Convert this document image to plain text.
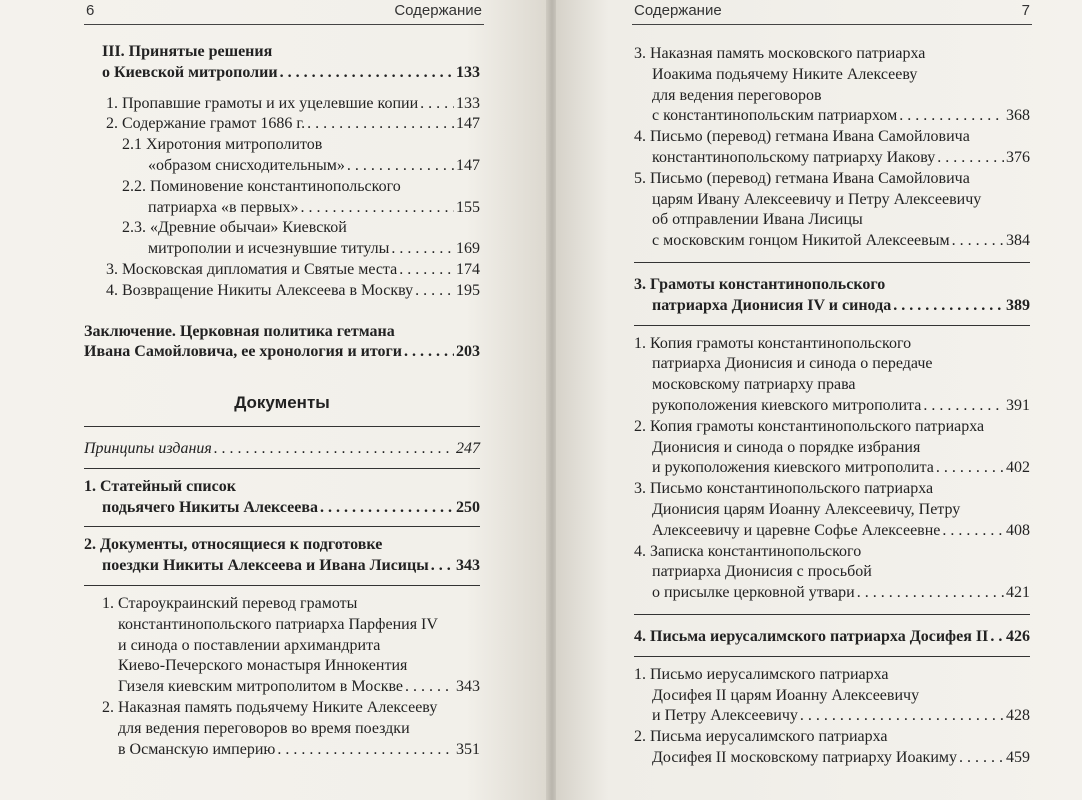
6	Содержание
III. Принятые решения
о Киевской митрополии . . .	133
1. Пропавшие грамоты и их уцелевшие копии . . . 133
2. Содержание грамот 1686 г. . . .	147
2.1 Хиротония митрополитов
«образом снисходительным» . . .	147
2.2. Поминовение константинопольского
патриарха «в первых» . . .	155
2.3. «Древние обычаи» Киевской
митрополии и исчезнувшие титулы . . .	169
3. Московская дипломатия и Святые места . . .	174
4. Возвращение Никиты Алексеева в Москву . . .	195
Заключение. Церковная политика гетмана
Ивана Самойловича, ее хронология и итоги . . .	203
Документы
Принципы издания . . .	247
1. Статейный список
подьячего Никиты Алексеева . . .	250
2. Документы, относящиеся к подготовке
поездки Никиты Алексеева и Ивана Лисицы . . . 343
1. Староукраинский перевод грамоты
константинопольского патриарха Парфения IV
и синода о поставлении архимандрита
Киево-Печерского монастыря Иннокентия
Гизеля киевским митрополитом в Москве . . .	343
2. Наказная память подьячему Никите Алексееву
для ведения переговоров во время поездки
в Османскую империю . . .	351
Содержание	7
3. Наказная память московского патриарха
Иоакима подьячему Никите Алексееву
для ведения переговоров
с константинопольским патриархом . . .	368
4. Письмо (перевод) гетмана Ивана Самойловича
константинопольскому патриарху Иакову . . .	376
5. Письмо (перевод) гетмана Ивана Самойловича
царям Ивану Алексеевичу и Петру Алексеевичу
об отправлении Ивана Лисицы
с московским гонцом Никитой Алексеевым . . .	384
3. Грамоты константинопольского
патриарха Дионисия IV и синода . . .	389
1. Копия грамоты константинопольского
патриарха Дионисия и синода о передаче
московскому патриарху права
рукоположения киевского митрополита . . .	391
2. Копия грамоты константинопольского патриарха
Дионисия и синода о порядке избрания
и рукоположения киевского митрополита . . .	402
3. Письмо константинопольского патриарха
Дионисия царям Иоанну Алексеевичу, Петру
Алексеевичу и царевне Софье Алексеевне . . .	408
4. Записка константинопольского
патриарха Дионисия с просьбой
о присылке церковной утвари . . .	421
4. Письма иерусалимского патриарха Досифея II . . . 426
1. Письмо иерусалимского патриарха
Досифея II царям Иоанну Алексеевичу
и Петру Алексеевичу . . .	428
2. Письма иерусалимского патриарха
Досифея II московскому патриарху Иоакиму . . .	459
